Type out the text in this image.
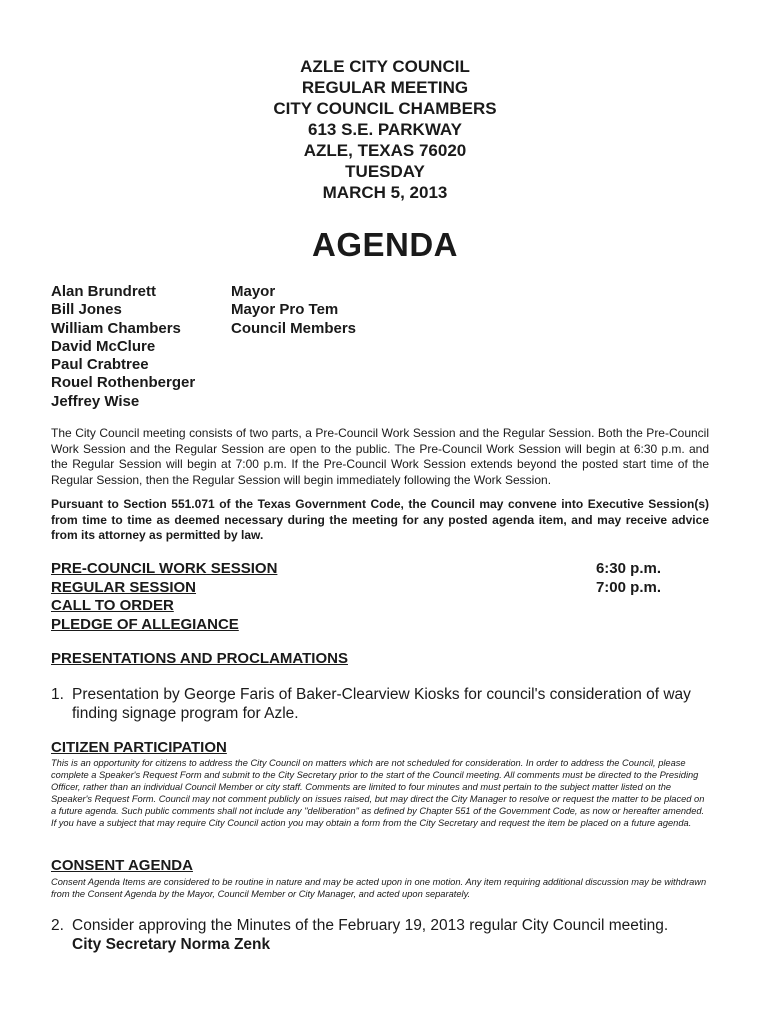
AZLE CITY COUNCIL
REGULAR MEETING
CITY COUNCIL CHAMBERS
613 S.E. PARKWAY
AZLE, TEXAS 76020
TUESDAY
MARCH 5, 2013
AGENDA
Alan Brundrett
Bill Jones
William Chambers
David McClure
Paul Crabtree
Rouel Rothenberger
Jeffrey Wise
Mayor
Mayor Pro Tem
Council Members
The City Council meeting consists of two parts, a Pre-Council Work Session and the Regular Session. Both the Pre-Council Work Session and the Regular Session are open to the public. The Pre-Council Work Session will begin at 6:30 p.m. and the Regular Session will begin at 7:00 p.m. If the Pre-Council Work Session extends beyond the posted start time of the Regular Session, then the Regular Session will begin immediately following the Work Session.
Pursuant to Section 551.071 of the Texas Government Code, the Council may convene into Executive Session(s) from time to time as deemed necessary during the meeting for any posted agenda item, and may receive advice from its attorney as permitted by law.
PRE-COUNCIL WORK SESSION	6:30 p.m.
REGULAR SESSION	7:00 p.m.
CALL TO ORDER
PLEDGE OF ALLEGIANCE
PRESENTATIONS AND PROCLAMATIONS
1. Presentation by George Faris of Baker-Clearview Kiosks for council's consideration of way finding signage program for Azle.
CITIZEN PARTICIPATION
This is an opportunity for citizens to address the City Council on matters which are not scheduled for consideration. In order to address the Council, please complete a Speaker's Request Form and submit to the City Secretary prior to the start of the Council meeting. All comments must be directed to the Presiding Officer, rather than an individual Council Member or city staff. Comments are limited to four minutes and must pertain to the subject matter listed on the Speaker's Request Form. Council may not comment publicly on issues raised, but may direct the City Manager to resolve or request the matter to be placed on a future agenda. Such public comments shall not include any "deliberation" as defined by Chapter 551 of the Government Code, as now or hereafter amended. If you have a subject that may require City Council action you may obtain a form from the City Secretary and request the item be placed on a future agenda.
CONSENT AGENDA
Consent Agenda Items are considered to be routine in nature and may be acted upon in one motion. Any item requiring additional discussion may be withdrawn from the Consent Agenda by the Mayor, Council Member or City Manager, and acted upon separately.
2. Consider approving the Minutes of the February 19, 2013 regular City Council meeting.
City Secretary Norma Zenk
